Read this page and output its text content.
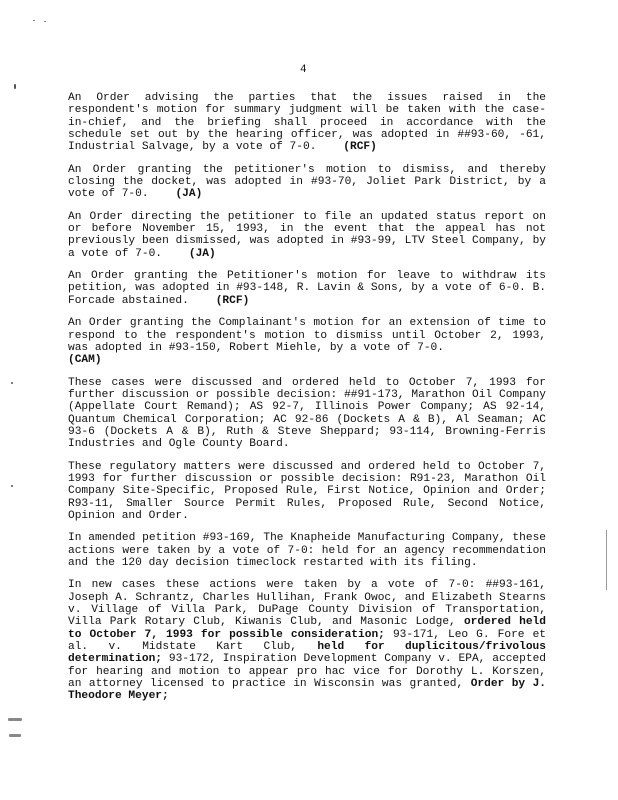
4

An Order advising the parties that the issues raised in the respondent's motion for summary judgment will be taken with the case-in-chief, and the briefing shall proceed in accordance with the schedule set out by the hearing officer, was adopted in ##93-60, -61, Industrial Salvage, by a vote of 7-0. (RCF)

An Order granting the petitioner's motion to dismiss, and thereby closing the docket, was adopted in #93-70, Joliet Park District, by a vote of 7-0. (JA)

An Order directing the petitioner to file an updated status report on or before November 15, 1993, in the event that the appeal has not previously been dismissed, was adopted in #93-99, LTV Steel Company, by a vote of 7-0. (JA)

An Order granting the Petitioner's motion for leave to withdraw its petition, was adopted in #93-148, R. Lavin & Sons, by a vote of 6-0. B. Forcade abstained. (RCF)

An Order granting the Complainant's motion for an extension of time to respond to the respondent's motion to dismiss until October 2, 1993, was adopted in #93-150, Robert Miehle, by a vote of 7-0.
(CAM)

These cases were discussed and ordered held to October 7, 1993 for further discussion or possible decision: ##91-173, Marathon Oil Company (Appellate Court Remand); AS 92-7, Illinois Power Company; AS 92-14, Quantum Chemical Corporation; AC 92-86 (Dockets A & B), Al Seaman; AC 93-6 (Dockets A & B), Ruth & Steve Sheppard; 93-114, Browning-Ferris Industries and Ogle County Board.

These regulatory matters were discussed and ordered held to October 7, 1993 for further discussion or possible decision: R91-23, Marathon Oil Company Site-Specific, Proposed Rule, First Notice, Opinion and Order; R93-11, Smaller Source Permit Rules, Proposed Rule, Second Notice, Opinion and Order.

In amended petition #93-169, The Knapheide Manufacturing Company, these actions were taken by a vote of 7-0: held for an agency recommendation and the 120 day decision timeclock restarted with its filing.

In new cases these actions were taken by a vote of 7-0: ##93-161, Joseph A. Schrantz, Charles Hullihan, Frank Owoc, and Elizabeth Stearns v. Village of Villa Park, DuPage County Division of Transportation, Villa Park Rotary Club, Kiwanis Club, and Masonic Lodge, ordered held to October 7, 1993 for possible consideration; 93-171, Leo G. Fore et al. v. Midstate Kart Club, held for duplicitous/frivolous determination; 93-172, Inspiration Development Company v. EPA, accepted for hearing and motion to appear pro hac vice for Dorothy L. Korszen, an attorney licensed to practice in Wisconsin was granted, Order by J. Theodore Meyer;
